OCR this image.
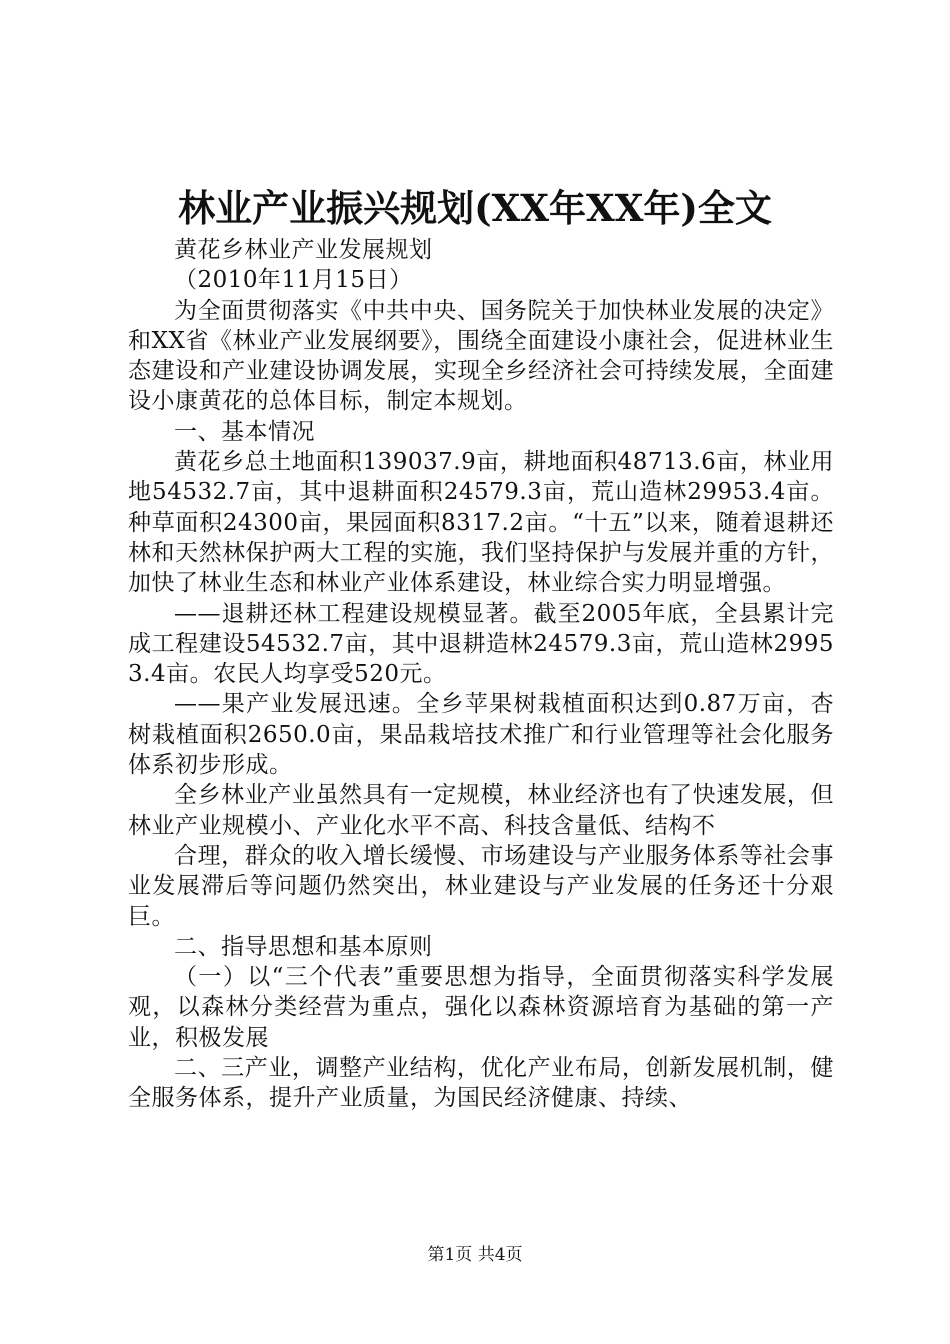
林业产业振兴规划(XX年XX年)全文

黄花乡林业产业发展规划

（2010年11月15日）

为全面贯彻落实《中共中央、国务院关于加快林业发展的决定》和XX省《林业产业发展纲要》，围绕全面建设小康社会，促进林业生态建设和产业建设协调发展，实现全乡经济社会可持续发展，全面建设小康黄花的总体目标，制定本规划。

一、基本情况

黄花乡总土地面积139037.9亩，耕地面积48713.6亩，林业用地54532.7亩，其中退耕面积24579.3亩，荒山造林29953.4亩。种草面积24300亩，果园面积8317.2亩。“十五”以来，随着退耕还林和天然林保护两大工程的实施，我们坚持保护与发展并重的方针，加快了林业生态和林业产业体系建设，林业综合实力明显增强。

——退耕还林工程建设规模显著。截至2005年底，全县累计完成工程建设54532.7亩，其中退耕造林24579.3亩，荒山造林29953.4亩。农民人均享受520元。

——果产业发展迅速。全乡苹果树栽植面积达到0.87万亩，杏树栽植面积2650.0亩，果品栽培技术推广和行业管理等社会化服务体系初步形成。

全乡林业产业虽然具有一定规模，林业经济也有了快速发展，但林业产业规模小、产业化水平不高、科技含量低、结构不

合理，群众的收入增长缓慢、市场建设与产业服务体系等社会事业发展滞后等问题仍然突出，林业建设与产业发展的任务还十分艰巨。

二、指导思想和基本原则

（一）以“三个代表”重要思想为指导，全面贯彻落实科学发展观，以森林分类经营为重点，强化以森林资源培育为基础的第一产业，积极发展

二、三产业，调整产业结构，优化产业布局，创新发展机制，健全服务体系，提升产业质量，为国民经济健康、持续、

第1页 共4页
